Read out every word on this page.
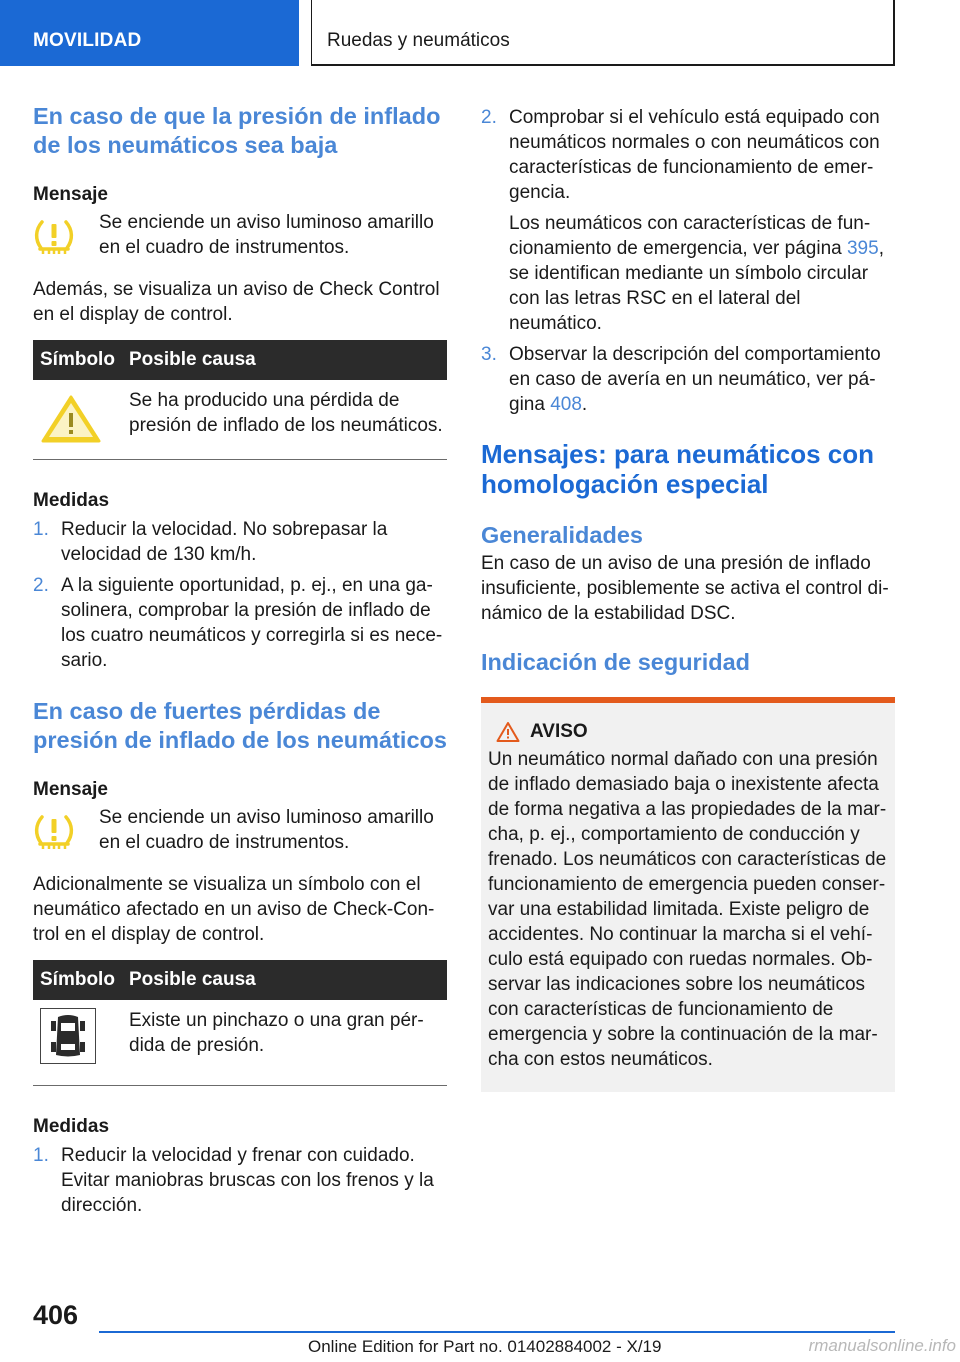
MOVILIDAD	Ruedas y neumáticos
En caso de que la presión de inflado de los neumáticos sea baja
Mensaje
Se enciende un aviso luminoso amarillo en el cuadro de instrumentos.

Además, se visualiza un aviso de Check Control en el display de control.

Símbolo	Posible causa
	Se ha producido una pérdida de presión de inflado de los neumáticos.
Medidas
1. Reducir la velocidad. No sobrepasar la velocidad de 130 km/h.
2. A la siguiente oportunidad, p. ej., en una gasolinera, comprobar la presión de inflado de los cuatro neumáticos y corregirla si es necesario.
En caso de fuertes pérdidas de presión de inflado de los neumáticos
Mensaje
Se enciende un aviso luminoso amarillo en el cuadro de instrumentos.

Adicionalmente se visualiza un símbolo con el neumático afectado en un aviso de Check-Control en el display de control.

Símbolo	Posible causa
	Existe un pinchazo o una gran pérdida de presión.
Medidas
1. Reducir la velocidad y frenar con cuidado. Evitar maniobras bruscas con los frenos y la dirección.
2. Comprobar si el vehículo está equipado con neumáticos normales o con neumáticos con características de funcionamiento de emergencia.
Los neumáticos con características de funcionamiento de emergencia, ver página 395, se identifican mediante un símbolo circular con las letras RSC en el lateral del neumático.
3. Observar la descripción del comportamiento en caso de avería en un neumático, ver página 408.
Mensajes: para neumáticos con homologación especial
Generalidades

En caso de un aviso de una presión de inflado insuficiente, posiblemente se activa el control dinámico de la estabilidad DSC.

Indicación de seguridad
AVISO

Un neumático normal dañado con una presión de inflado demasiado baja o inexistente afecta de forma negativa a las propiedades de la marcha, p. ej., comportamiento de conducción y frenado. Los neumáticos con características de funcionamiento de emergencia pueden conservar una estabilidad limitada. Existe peligro de accidentes. No continuar la marcha si el vehículo está equipado con ruedas normales. Observar las indicaciones sobre los neumáticos con características de funcionamiento de emergencia y sobre la continuación de la marcha con estos neumáticos.

406
Online Edition for Part no. 01402884002 - X/19	rmanualsonline.info
